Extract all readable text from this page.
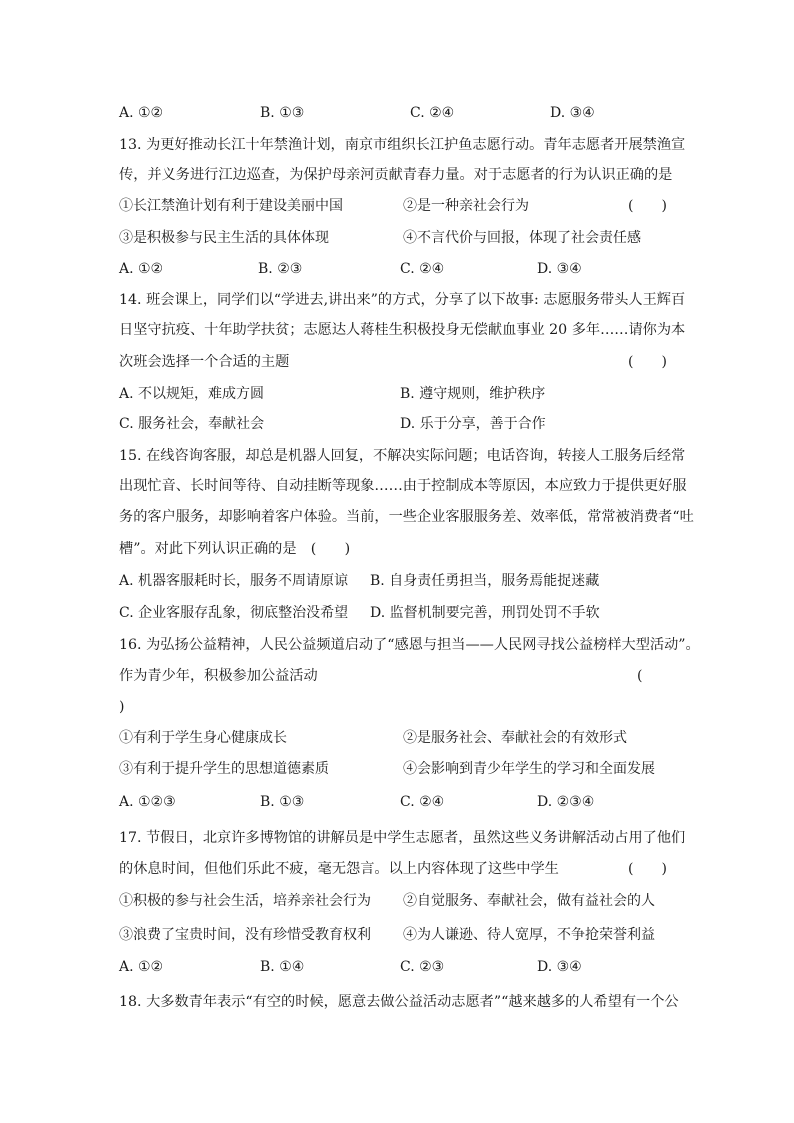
A. ①②	B. ①③	C. ②④	D. ③④
13. 为更好推动长江十年禁渔计划，南京市组织长江护鱼志愿行动。青年志愿者开展禁渔宣
传，并义务进行江边巡查，为保护母亲河贡献青春力量。对于志愿者的行为认识正确的是
①长江禁渔计划有利于建设美丽中国	②是一种亲社会行为	(　　)
③是积极参与民主生活的具体体现	④不言代价与回报，体现了社会责任感
A. ①②	B. ②③	C. ②④	D. ③④
14. 班会课上，同学们以“学进去,讲出来”的方式，分享了以下故事: 志愿服务带头人王辉百
日坚守抗疫、十年助学扶贫；志愿达人蒋桂生积极投身无偿献血事业 20 多年……请你为本
次班会选择一个合适的主题	(　　)
A. 不以规矩，难成方圆	B. 遵守规则，维护秩序
C. 服务社会，奉献社会	D. 乐于分享，善于合作
15. 在线咨询客服，却总是机器人回复，不解决实际问题；电话咨询，转接人工服务后经常
出现忙音、长时间等待、自动挂断等现象……由于控制成本等原因，本应致力于提供更好服
务的客户服务，却影响着客户体验。当前，一些企业客服服务差、效率低，常常被消费者“吐
槽”。对此下列认识正确的是　(　　)
A. 机器客服耗时长，服务不周请原谅 B. 自身责任勇担当，服务焉能捉迷藏
C. 企业客服存乱象，彻底整治没希望 D. 监督机制要完善，刑罚处罚不手软
16. 为弘扬公益精神，人民公益频道启动了“感恩与担当——人民网寻找公益榜样大型活动”。
作为青少年，积极参加公益活动	(
)
①有利于学生身心健康成长	②是服务社会、奉献社会的有效形式
③有利于提升学生的思想道德素质	④会影响到青少年学生的学习和全面发展
A. ①②③	B. ①③	C. ②④	D. ②③④
17. 节假日，北京许多博物馆的讲解员是中学生志愿者，虽然这些义务讲解活动占用了他们
的休息时间，但他们乐此不疲，毫无怨言。以上内容体现了这些中学生	(　　)
①积极的参与社会生活，培养亲社会行为 ②自觉服务、奉献社会，做有益社会的人
③浪费了宝贵时间，没有珍惜受教育权利 ④为人谦逊、待人宽厚，不争抢荣誉利益
A. ①②	B. ①④	C. ②③	D. ③④
18. 大多数青年表示“有空的时候，愿意去做公益活动志愿者”“越来越多的人希望有一个公
